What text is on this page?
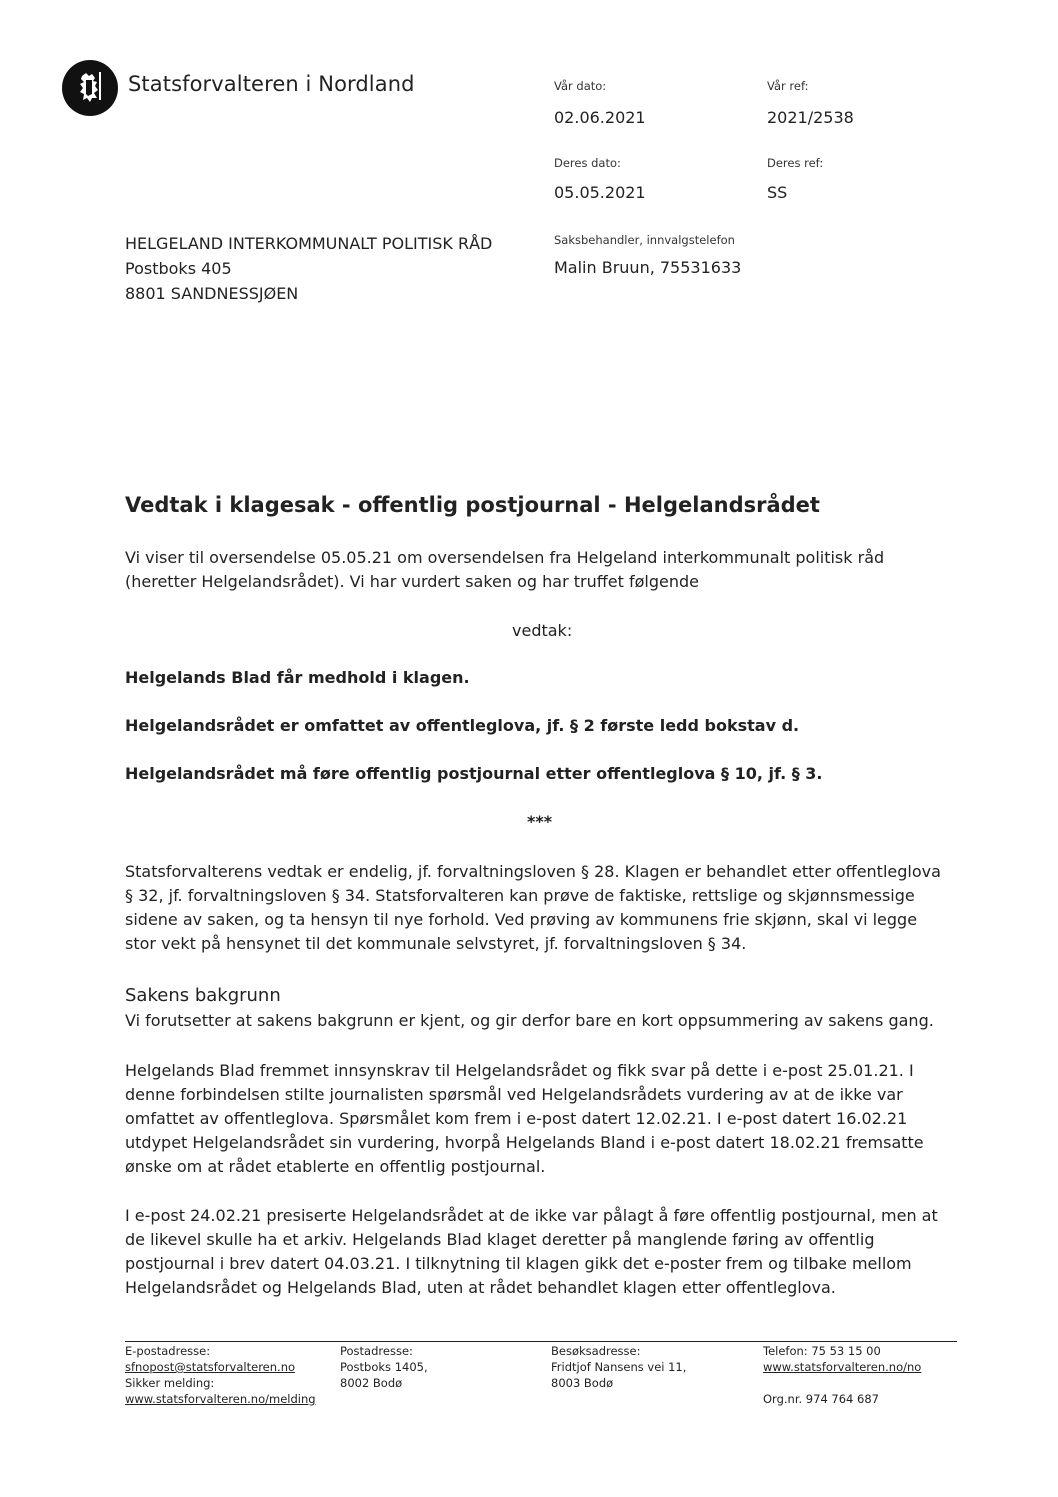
Statsforvalteren i Nordland	Vår dato:
02.06.2021
Vår ref:
2021/2538
Deres dato:
05.05.2021
Deres ref:
SS
Saksbehandler, innvalgstelefon
Malin Bruun, 75531633
HELGELAND INTERKOMMUNALT POLITISK RÅD
Postboks 405
8801 SANDNESSJØEN
Vedtak i klagesak - offentlig postjournal - Helgelandsrådet
Vi viser til oversendelse 05.05.21 om oversendelsen fra Helgeland interkommunalt politisk råd
(heretter Helgelandsrådet). Vi har vurdert saken og har truffet følgende
vedtak:
Helgelands Blad får medhold i klagen.
Helgelandsrådet er omfattet av offentleglova, jf. § 2 første ledd bokstav d.
Helgelandsrådet må føre offentlig postjournal etter offentleglova § 10, jf. § 3.
***
Statsforvalterens vedtak er endelig, jf. forvaltningsloven § 28. Klagen er behandlet etter offentleglova
§ 32, jf. forvaltningsloven § 34. Statsforvalteren kan prøve de faktiske, rettslige og skjønnsmessige
sidene av saken, og ta hensyn til nye forhold. Ved prøving av kommunens frie skjønn, skal vi legge
stor vekt på hensynet til det kommunale selvstyret, jf. forvaltningsloven § 34.
Sakens bakgrunn
Vi forutsetter at sakens bakgrunn er kjent, og gir derfor bare en kort oppsummering av sakens gang.
Helgelands Blad fremmet innsynskrav til Helgelandsrådet og fikk svar på dette i e-post 25.01.21. I
denne forbindelsen stilte journalisten spørsmål ved Helgelandsrådets vurdering av at de ikke var
omfattet av offentleglova. Spørsmålet kom frem i e-post datert 12.02.21. I e-post datert 16.02.21
utdypet Helgelandsrådet sin vurdering, hvorpå Helgelands Bland i e-post datert 18.02.21 fremsatte
ønske om at rådet etablerte en offentlig postjournal.
I e-post 24.02.21 presiserte Helgelandsrådet at de ikke var pålagt å føre offentlig postjournal, men at
de likevel skulle ha et arkiv. Helgelands Blad klaget deretter på manglende føring av offentlig
postjournal i brev datert 04.03.21. I tilknytning til klagen gikk det e-poster frem og tilbake mellom
Helgelandsrådet og Helgelands Blad, uten at rådet behandlet klagen etter offentleglova.
E-postadresse:
sfnopost@statsforvalteren.no
Sikker melding:
www.statsforvalteren.no/melding
Postadresse:
Postboks 1405,
8002 Bodø
Besøksadresse:
Fridtjof Nansens vei 11,
8003 Bodø
Telefon: 75 53 15 00
www.statsforvalteren.no/no

Org.nr. 974 764 687
